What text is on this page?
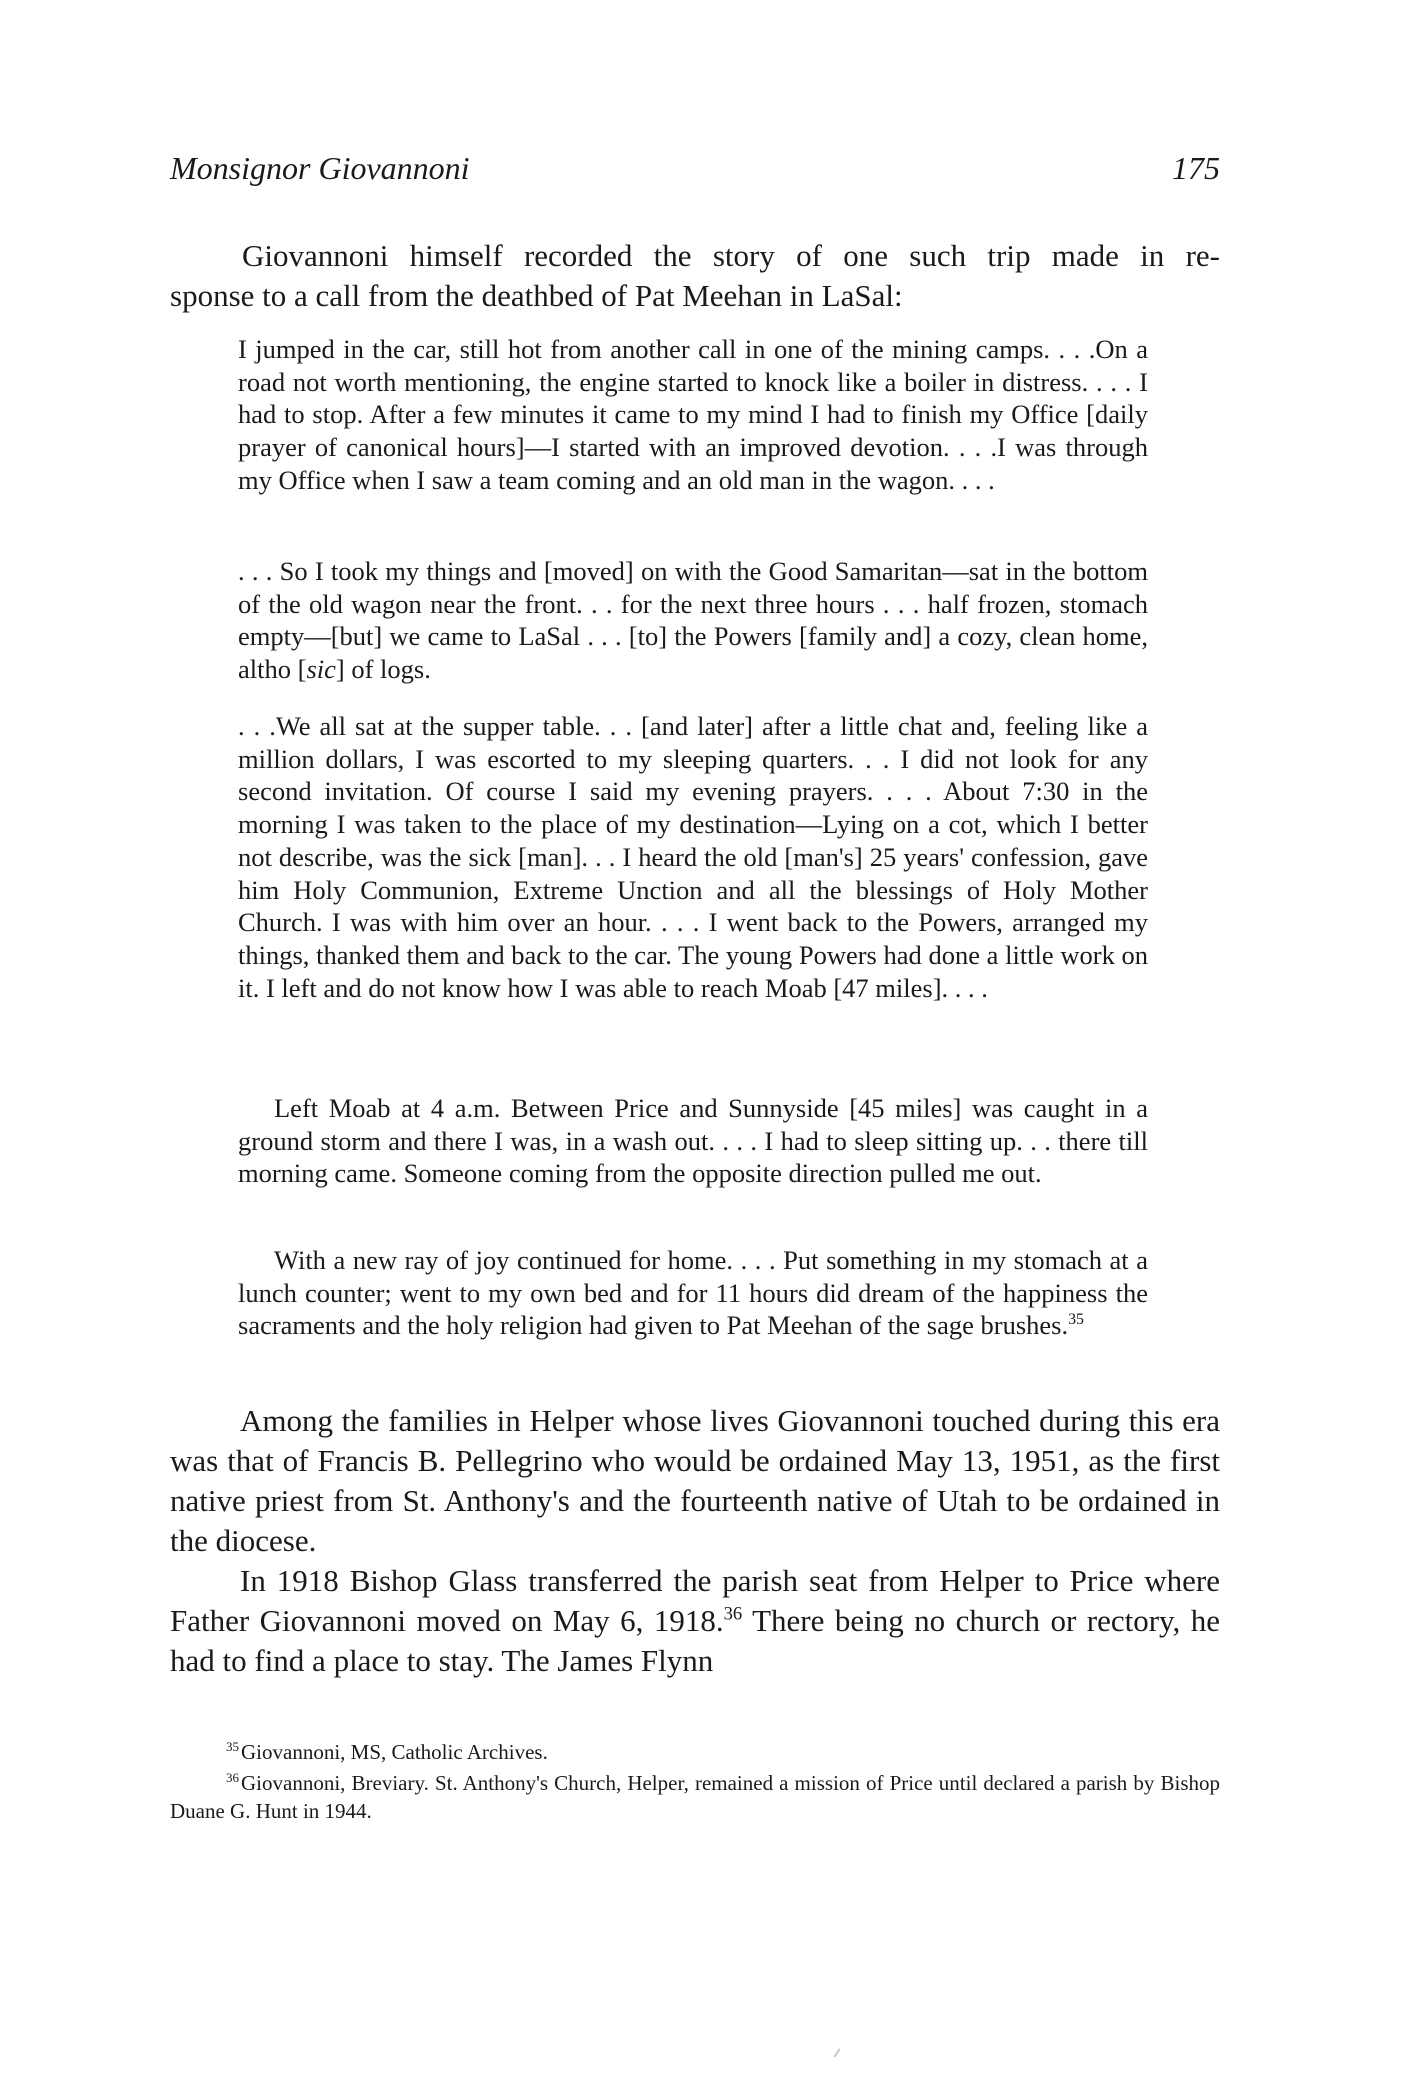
Monsignor Giovannoni	175

Giovannoni himself recorded the story of one such trip made in re-
sponse to a call from the deathbed of Pat Meehan in LaSal:

I jumped in the car, still hot from another call in one of the mining camps. . . .On a road not worth mentioning, the engine started to knock like a boiler in distress. . . . I had to stop. After a few minutes it came to my mind I had to finish my Office [daily prayer of canonical hours]—I started with an improved devotion. . . .I was through my Office when I saw a team coming and an old man in the wagon. . . .

. . . So I took my things and [moved] on with the Good Samaritan—sat in the bottom of the old wagon near the front. . . for the next three hours . . . half frozen, stomach empty—[but] we came to LaSal . . . [to] the Powers [family and] a cozy, clean home, altho [sic] of logs.

. . .We all sat at the supper table. . . [and later] after a little chat and, feeling like a million dollars, I was escorted to my sleeping quarters. . . I did not look for any second invitation. Of course I said my evening prayers. . . . About 7:30 in the morning I was taken to the place of my destination—Lying on a cot, which I better not describe, was the sick [man]. . . I heard the old [man's] 25 years' confession, gave him Holy Communion, Extreme Unction and all the blessings of Holy Mother Church. I was with him over an hour. . . . I went back to the Powers, arranged my things, thanked them and back to the car. The young Powers had done a little work on it. I left and do not know how I was able to reach Moab [47 miles]. . . .

Left Moab at 4 a.m. Between Price and Sunnyside [45 miles] was caught in a ground storm and there I was, in a wash out. . . . I had to sleep sitting up. . . there till morning came. Someone coming from the opposite direction pulled me out.

With a new ray of joy continued for home. . . . Put something in my stomach at a lunch counter; went to my own bed and for 11 hours did dream of the happiness the sacraments and the holy religion had given to Pat Meehan of the sage brushes.$^{35}$

Among the families in Helper whose lives Giovannoni touched during this era was that of Francis B. Pellegrino who would be ordained May 13, 1951, as the first native priest from St. Anthony's and the fourteenth native of Utah to be ordained in the diocese.

In 1918 Bishop Glass transferred the parish seat from Helper to Price where Father Giovannoni moved on May 6, 1918.36 There being no church or rectory, he had to find a place to stay. The James Flynn

$^{35}$Giovannoni, MS, Catholic Archives.

$^{36}$Giovannoni, Breviary. St. Anthony's Church, Helper, remained a mission of Price until declared a parish by Bishop Duane G. Hunt in 1944.
